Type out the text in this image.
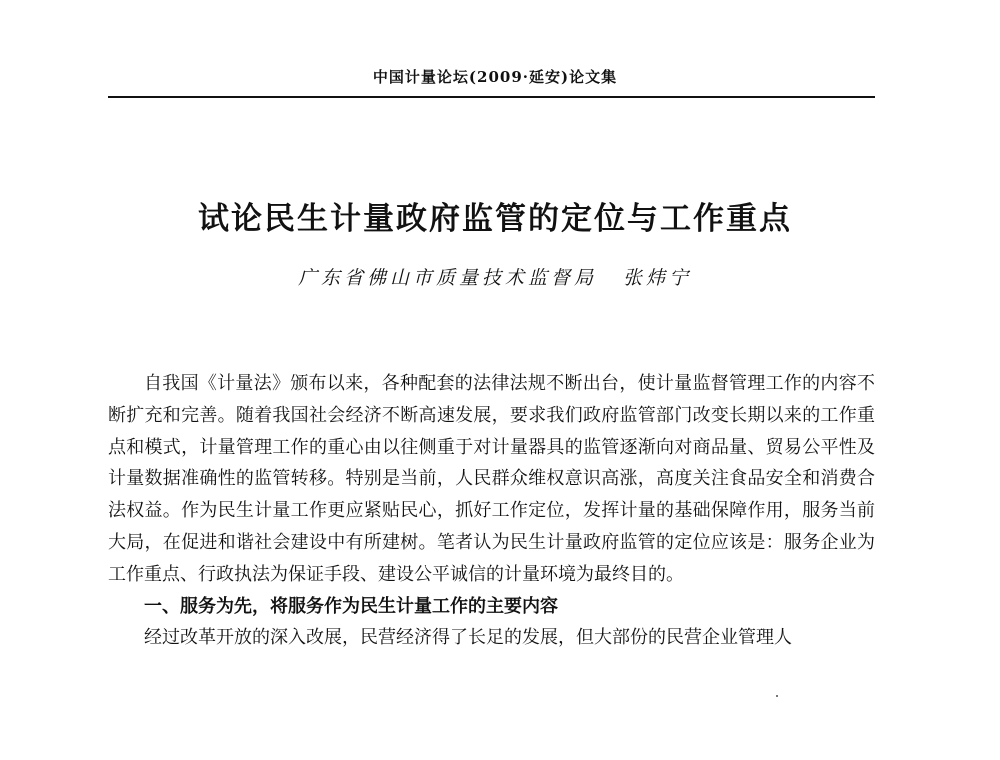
中国计量论坛(2009·延安)论文集
试论民生计量政府监管的定位与工作重点
广东省佛山市质量技术监督局 张炜宁

自我国《计量法》颁布以来，各种配套的法律法规不断出台，使计量监督管理工作的内容不断扩充和完善。随着我国社会经济不断高速发展，要求我们政府监管部门改变长期以来的工作重点和模式，计量管理工作的重心由以往侧重于对计量器具的监管逐渐向对商品量、贸易公平性及计量数据准确性的监管转移。特别是当前，人民群众维权意识高涨，高度关注食品安全和消费合法权益。作为民生计量工作更应紧贴民心，抓好工作定位，发挥计量的基础保障作用，服务当前大局，在促进和谐社会建设中有所建树。笔者认为民生计量政府监管的定位应该是：服务企业为工作重点、行政执法为保证手段、建设公平诚信的计量环境为最终目的。

一、服务为先，将服务作为民生计量工作的主要内容

经过改革开放的深入改展，民营经济得了长足的发展，但大部份的民营企业管理人
